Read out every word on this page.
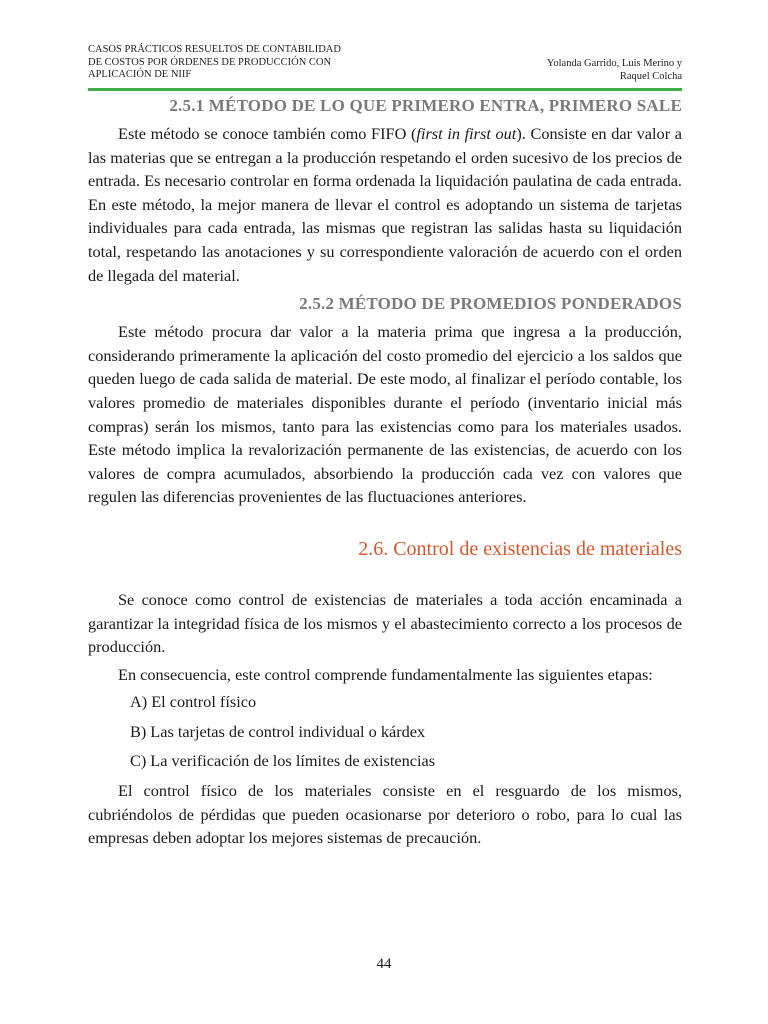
CASOS PRÁCTICOS RESUELTOS DE CONTABILIDAD
DE COSTOS POR ÓRDENES DE PRODUCCIÓN CON
APLICACIÓN DE NIIF
Yolanda Garrido, Luis Merino y
Raquel Colcha
2.5.1 MÉTODO DE LO QUE PRIMERO ENTRA, PRIMERO SALE

Este método se conoce también como FIFO (first in first out). Consiste en dar valor a las materias que se entregan a la producción respetando el orden sucesivo de los precios de entrada. Es necesario controlar en forma ordenada la liquidación paulatina de cada entrada. En este método, la mejor manera de llevar el control es adoptando un sistema de tarjetas individuales para cada entrada, las mismas que registran las salidas hasta su liquidación total, respetando las anotaciones y su correspondiente valoración de acuerdo con el orden de llegada del material.

2.5.2 MÉTODO DE PROMEDIOS PONDERADOS

Este método procura dar valor a la materia prima que ingresa a la producción, considerando primeramente la aplicación del costo promedio del ejercicio a los saldos que queden luego de cada salida de material. De este modo, al finalizar el período contable, los valores promedio de materiales disponibles durante el período (inventario inicial más compras) serán los mismos, tanto para las existencias como para los materiales usados. Este método implica la revalorización permanente de las existencias, de acuerdo con los valores de compra acumulados, absorbiendo la producción cada vez con valores que regulen las diferencias provenientes de las fluctuaciones anteriores.

2.6. Control de existencias de materiales

Se conoce como control de existencias de materiales a toda acción encaminada a garantizar la integridad física de los mismos y el abastecimiento correcto a los procesos de producción.

En consecuencia, este control comprende fundamentalmente las siguientes etapas:

A) El control físico
B) Las tarjetas de control individual o kárdex
C) La verificación de los límites de existencias

El control físico de los materiales consiste en el resguardo de los mismos, cubriéndolos de pérdidas que pueden ocasionarse por deterioro o robo, para lo cual las empresas deben adoptar los mejores sistemas de precaución.

44
